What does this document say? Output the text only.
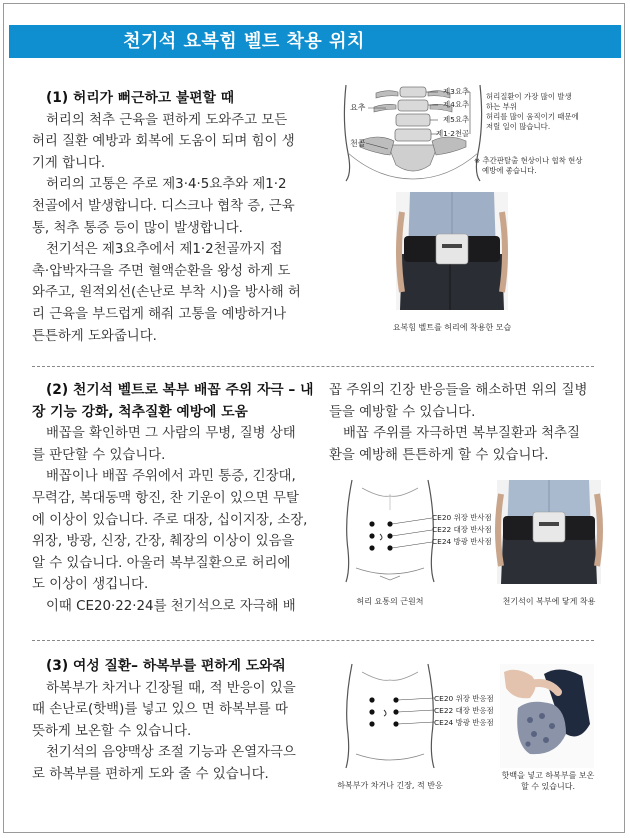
천기석 요복힘 벨트 착용 위치

(1) 허리가 뻐근하고 불편할 때

허리의 척추 근육을 편하게 도와주고 모든

허리 질환 예방과 회복에 도움이 되며 힘이 생

기게 합니다.

허리의 고통은 주로 제3·4·5요추와 제1·2

천골에서 발생합니다. 디스크나 협착 증, 근육

통, 척추 통증 등이 많이 발생합니다.

천기석은 제3요추에서 제1·2천골까지 접

촉·압박자극을 주면 혈액순환을 왕성 하게 도

와주고, 원적외선(손난로 부착 시)을 방사해 허

리 근육을 부드럽게 해줘 고통을 예방하거나

튼튼하게 도와줍니다.

제3요추
제4요추
제5요추
제1·2천골
요추
천골
허리질환이 가장 많이 발생
하는 부위
허리를 많이 움직이기 때문에
저릴 일이 많습니다.
※ 추간판탈출 현상이나 협착 현상
예방에 좋습니다.
요복힘 벨트를 허리에 착용한 모습

(2) 천기석 벨트로 복부 배꼽 주위 자극 – 내

장 기능 강화, 척추질환 예방에 도움

배꼽을 확인하면 그 사람의 무병, 질병 상태

를 판단할 수 있습니다.

배꼽이나 배꼽 주위에서 과민 통증, 긴장대,

무력감, 복대동맥 항진, 찬 기운이 있으면 무탈

에 이상이 있습니다. 주로 대장, 십이지장, 소장,

위장, 방광, 신장, 간장, 췌장의 이상이 있음을

알 수 있습니다. 아울러 복부질환으로 허리에

도 이상이 생깁니다.

이때 CE20·22·24를 천기석으로 자극해 배

꼽 주위의 긴장 반응들을 해소하면 위의 질병

들을 예방할 수 있습니다.

배꼽 주위를 자극하면 복부질환과 척추질

환을 예방해 튼튼하게 할 수 있습니다.

CE20 위장 반사점
CE22 대장 반사점
CE24 방광 반사점
허리 요통의 근원처	천기석이 복부에 닿게 착용

(3) 여성 질환– 하복부를 편하게 도와줘

하복부가 차거나 긴장될 때, 적 반응이 있을

때 손난로(핫백)를 넣고 있으 면 하복부를 따

뜻하게 보온할 수 있습니다.

천기석의 음양맥상 조절 기능과 온열자극으

로 하복부를 편하게 도와 줄 수 있습니다.

CE20 위장 반응점
CE22 대장 반응점
CE24 방광 반응점
하복부가 차거나 긴장, 적 반응
핫백을 넣고 하복부를 보온
할 수 있습니다.
